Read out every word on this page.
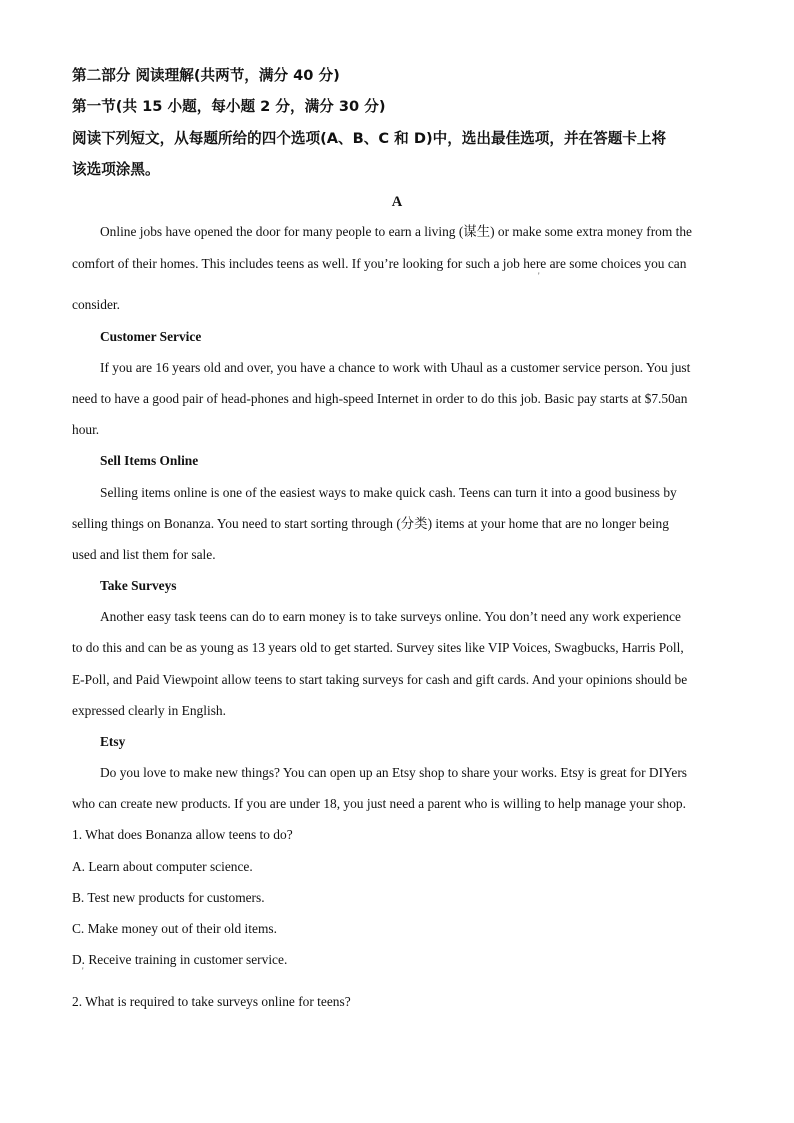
第二部分 阅读理解(共两节，满分 40 分)
第一节(共 15 小题，每小题 2 分，满分 30 分)
阅读下列短文，从每题所给的四个选项(A、B、C 和 D)中，选出最佳选项，并在答题卡上将
该选项涂黑。
A
Online jobs have opened the door for many people to earn a living (谋生) or make some extra money from the
comfort of their homes. This includes teens as well. If you’re looking for such a job here are some choices you can
'
consider.
Customer Service
If you are 16 years old and over, you have a chance to work with Uhaul as a customer service person. You just
need to have a good pair of head-phones and high-speed Internet in order to do this job. Basic pay starts at $7.50an
hour.
Sell Items Online
Selling items online is one of the easiest ways to make quick cash. Teens can turn it into a good business by
selling things on Bonanza. You need to start sorting through (分类) items at your home that are no longer being
used and list them for sale.
Take Surveys
Another easy task teens can do to earn money is to take surveys online. You don’t need any work experience
to do this and can be as young as 13 years old to get started. Survey sites like VIP Voices, Swagbucks, Harris Poll,
E-Poll, and Paid Viewpoint allow teens to start taking surveys for cash and gift cards. And your opinions should be
expressed clearly in English.
Etsy
Do you love to make new things? You can open up an Etsy shop to share your works. Etsy is great for DIYers
who can create new products. If you are under 18, you just need a parent who is willing to help manage your shop.
1. What does Bonanza allow teens to do?
A. Learn about computer science.
B. Test new products for customers.
C. Make money out of their old items.
D. Receive training in customer service.
'
2. What is required to take surveys online for teens?
